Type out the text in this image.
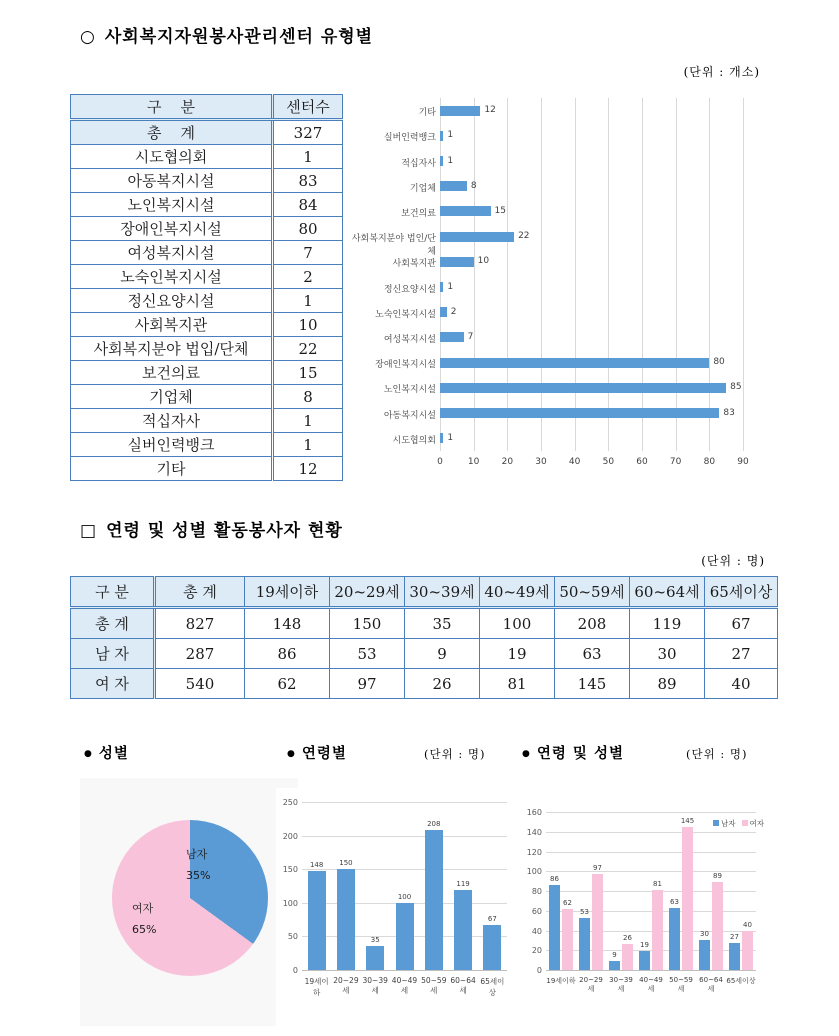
○ 사회복지자원봉사관리센터 유형별
(단위 : 개소)
구    분	센터수
총    계	327
시도협의회	1
아동복지시설	83
노인복지시설	84
장애인복지시설	80
여성복지시설	7
노숙인복지시설	2
정신요양시설	1
사회복지관	10
사회복지분야 법입/단체	22
보건의료	15
기업체	8
적십자사	1
실버인력뱅크	1
기타	12	0	10	20	30	40	50	60	70	80	90
기타	12
실버인력뱅크 1
적십자사 1
기업체	8
보건의료	15
사회복지분야 법인/단체
22
사회복지관	10
정신요양시설 1
노숙인복지시설 2
여성복지시설	7
장애인복지시설	80
노인복지시설	85
아동복지시설	83
시도협의회 1
□ 연령 및 성별 활동봉사자 현황
(단위 : 명)
구 분	총 계	19세이하	20~29세	30~39세	40~49세	50~59세	60~64세	65세이상
총 계	827	148	150	35	100	208	119	67
남 자	287	86	53	9	19	63	30	27
여 자	540	62	97	26	81	145	89	40
● 성별	● 연령별	(단위 : 명)	● 연령 및 성별	(단위 : 명)
남자
35%
여자
65%
0
50
100
150
200
250
148
19세이하
150
20~29세
35
30~39세
100
40~49세
208
50~59세
119
60~64세
67
65세이상
0
20
40
60
80
100
120
140
160
86
62
19세이하
53
97
20~29세
9
26
30~39세
19
81
40~49세
63
145
50~59세
30
89
60~64세
27
40
65세이상
남자 여자
